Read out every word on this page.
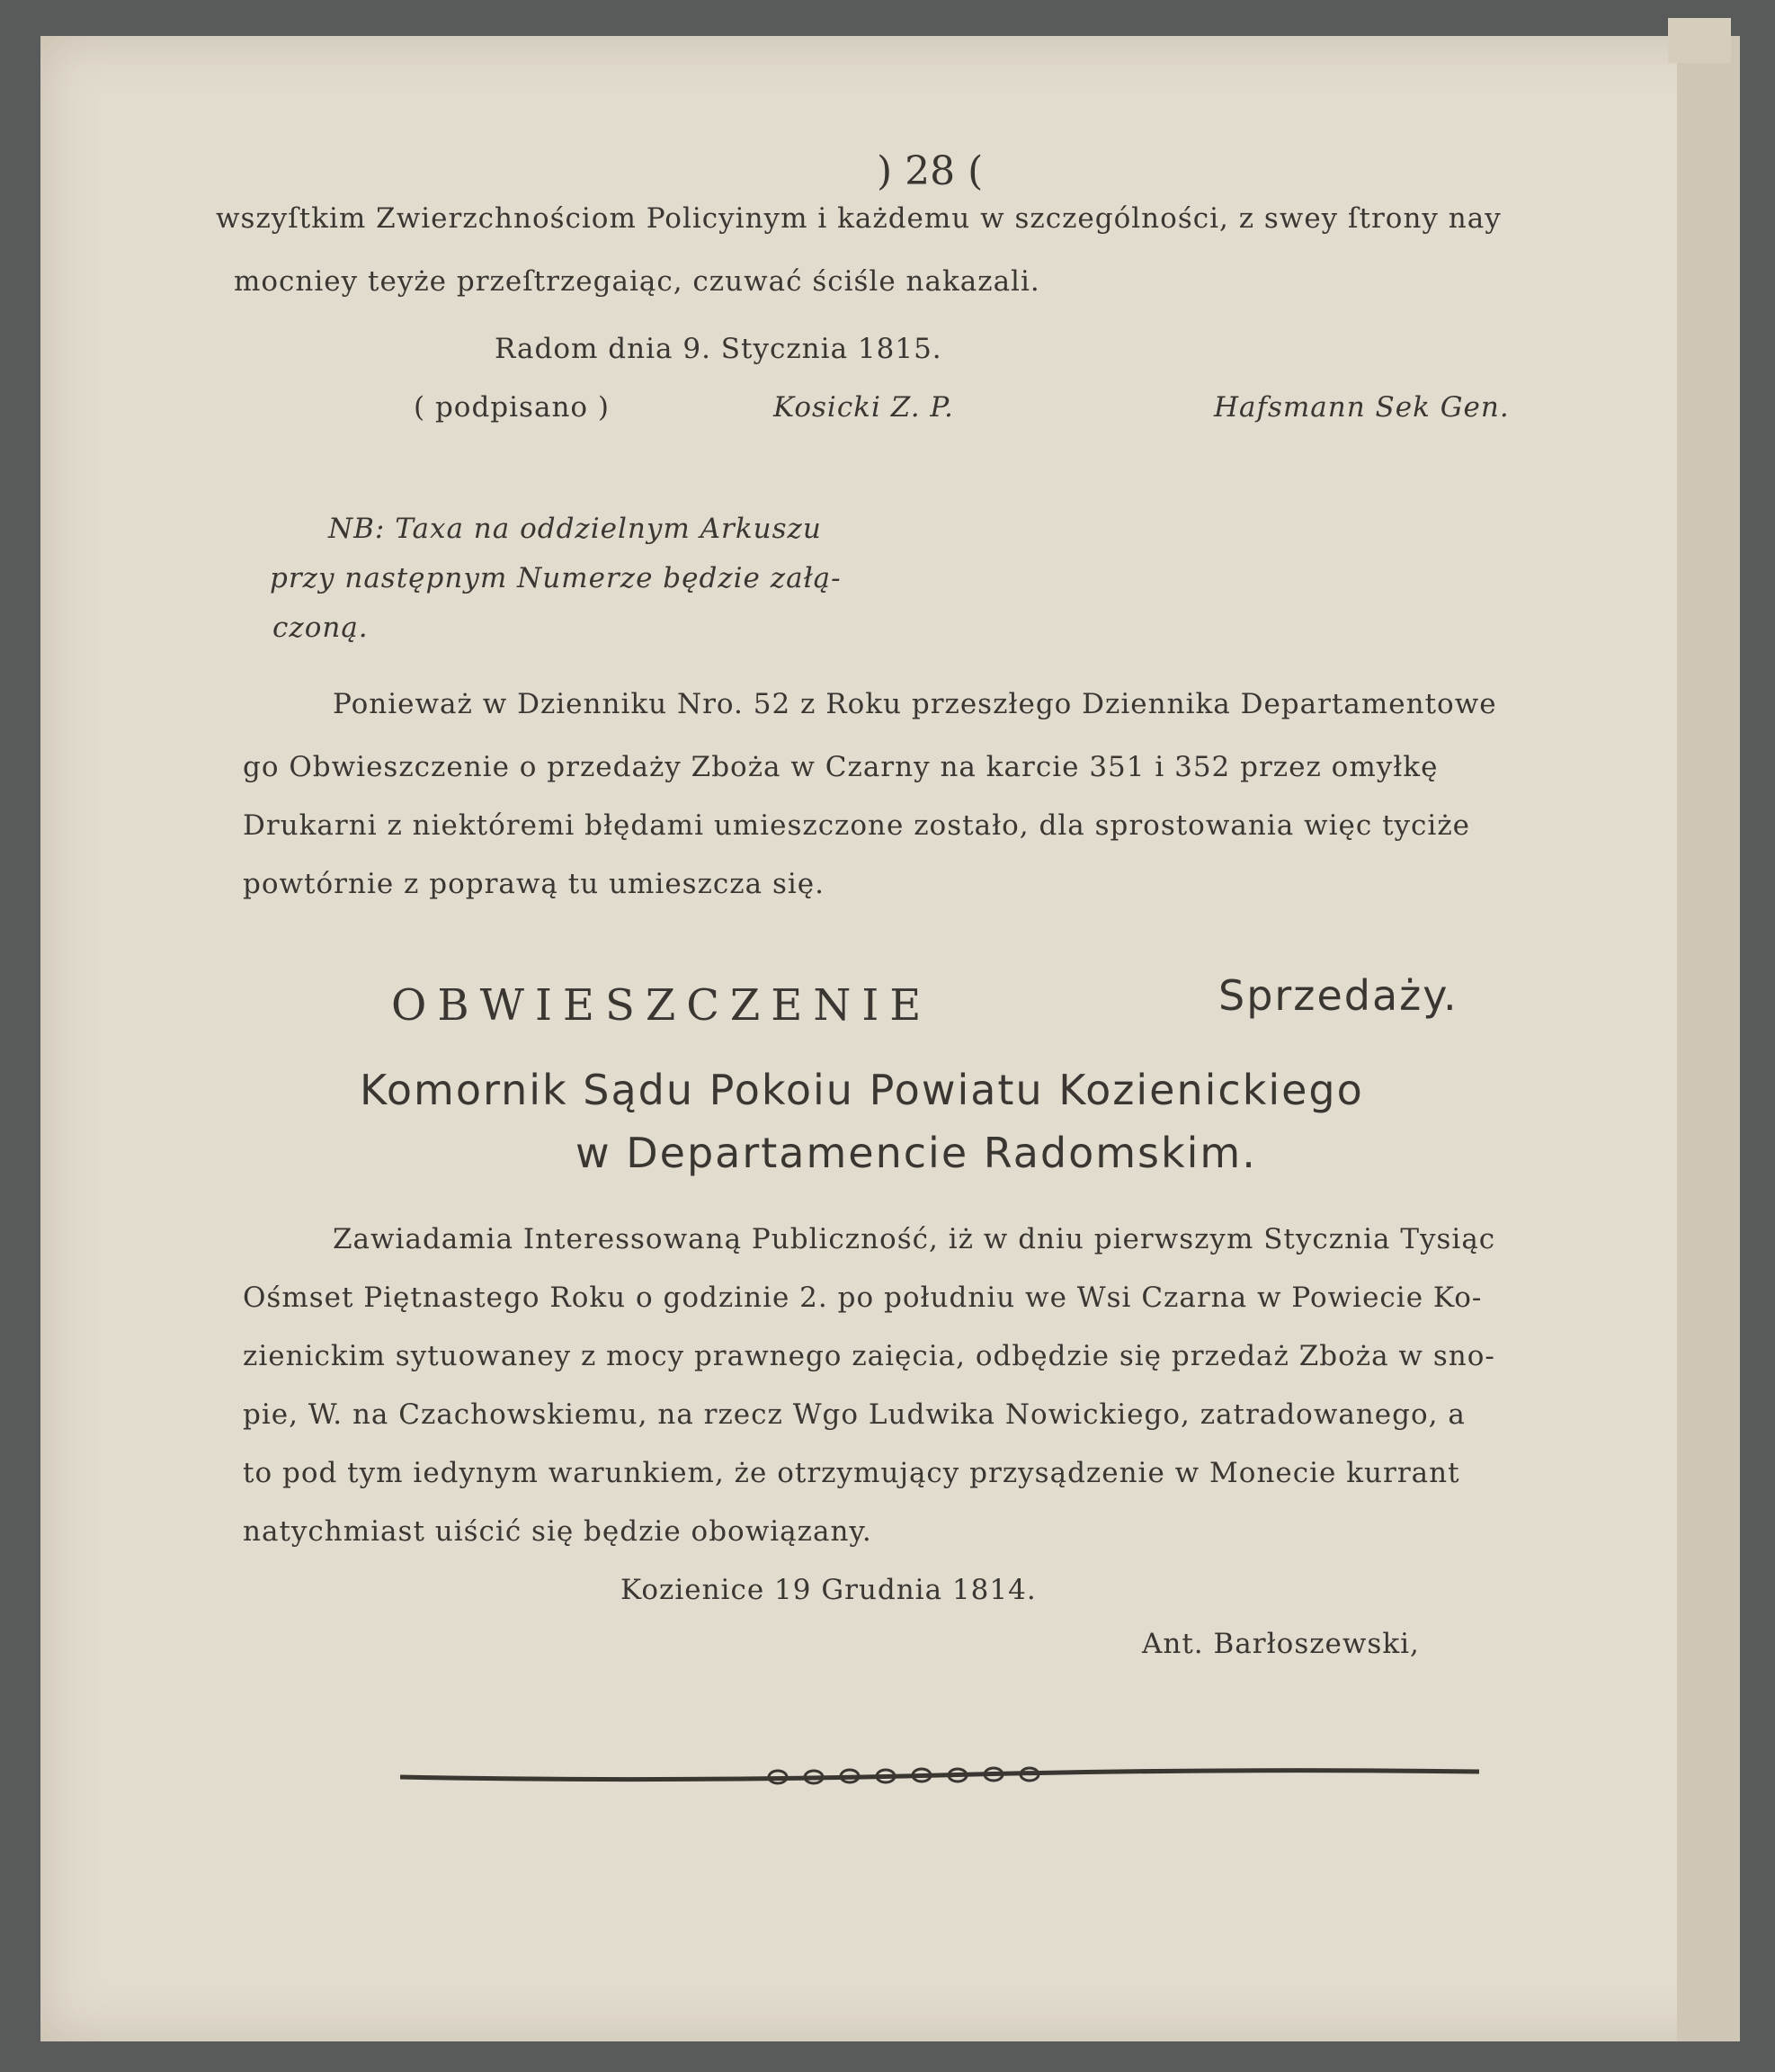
) 28 (
wszyſtkim Zwierzchnościom Policyinym i każdemu w szczególności, z swey ſtrony nay
mocniey teyże przeſtrzegaiąc, czuwać ściśle nakazali.
Radom dnia 9. Stycznia 1815.
( podpisano )	Kosicki Z. P.	Hafsmann Sek Gen.
NB: Taxa na oddzielnym Arkuszu
przy następnym Numerze będzie załą-
czoną.
Ponieważ w Dzienniku Nro. 52 z Roku przeszłego Dziennika Departamentowe
go Obwieszczenie o przedaży Zboża w Czarny na karcie 351 i 352 przez omyłkę
Drukarni z niektóremi błędami umieszczone zostało, dla sprostowania więc tyciże
powtórnie z poprawą tu umieszcza się.
OBWIESZCZENIE	Sprzedaży.
Komornik Sądu Pokoiu Powiatu Kozienickiego
w Departamencie Radomskim.
Zawiadamia Interessowaną Publiczność, iż w dniu pierwszym Stycznia Tysiąc
Ośmset Piętnastego Roku o godzinie 2. po południu we Wsi Czarna w Powiecie Ko-
zienickim sytuowaney z mocy prawnego zaięcia, odbędzie się przedaż Zboża w sno-
pie, W. na Czachowskiemu, na rzecz Wgo Ludwika Nowickiego, zatradowanego, a
to pod tym iedynym warunkiem, że otrzymujący przysądzenie w Monecie kurrant
natychmiast uiścić się będzie obowiązany.
Kozienice 19 Grudnia 1814.
Ant. Barłoszewski,
